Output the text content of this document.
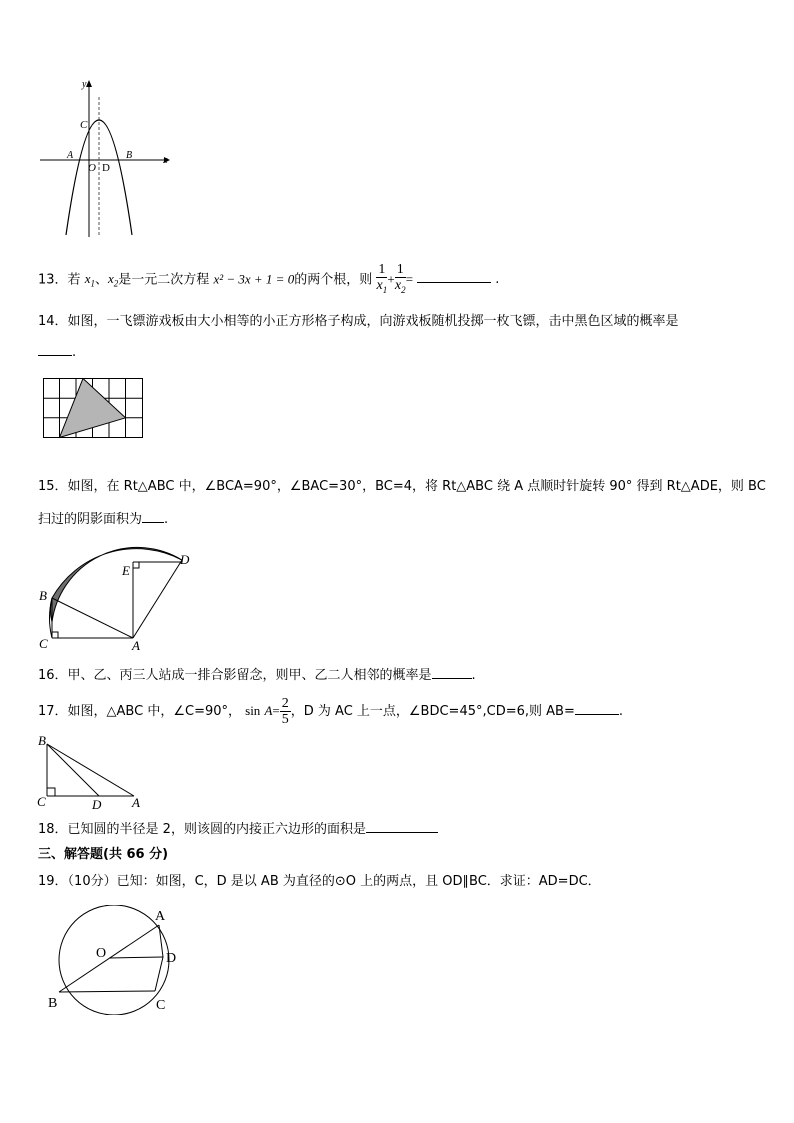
y
x
C
A	B
O D
13．若 $x_1$、$x_2$是一元二次方程 x² − 3x + 1 = 0的两个根，则 $\frac{1}{x_1} + \frac{1}{x_2}$ =	.
14．如图，一飞镖游戏板由大小相等的小正方形格子构成，向游戏板随机投掷一枚飞镖，击中黑色区域的概率是
.
15．如图，在 Rt△ABC 中，∠BCA=90°，∠BAC=30°，BC=4，将 Rt△ABC 绕 A 点顺时针旋转 90° 得到 Rt△ADE，则 BC
扫过的阴影面积为 .
B
C	A
E
D
16．甲、乙、丙三人站成一排合影留念，则甲、乙二人相邻的概率是	.
17．如图，△ABC 中，∠C=90°， $\sin A= \frac{2}{5}$ ，D 为 AC 上一点，∠BDC=45°,CD=6,则 AB=	.
B
C	D A
18．已知圆的半径是 2，则该圆的内接正六边形的面积是
三、解答题(共 66 分)
19．（10分）已知：如图，C，D 是以 AB 为直径的⊙O 上的两点，且 OD∥BC．求证：AD=DC．
A
O	D
B	C
